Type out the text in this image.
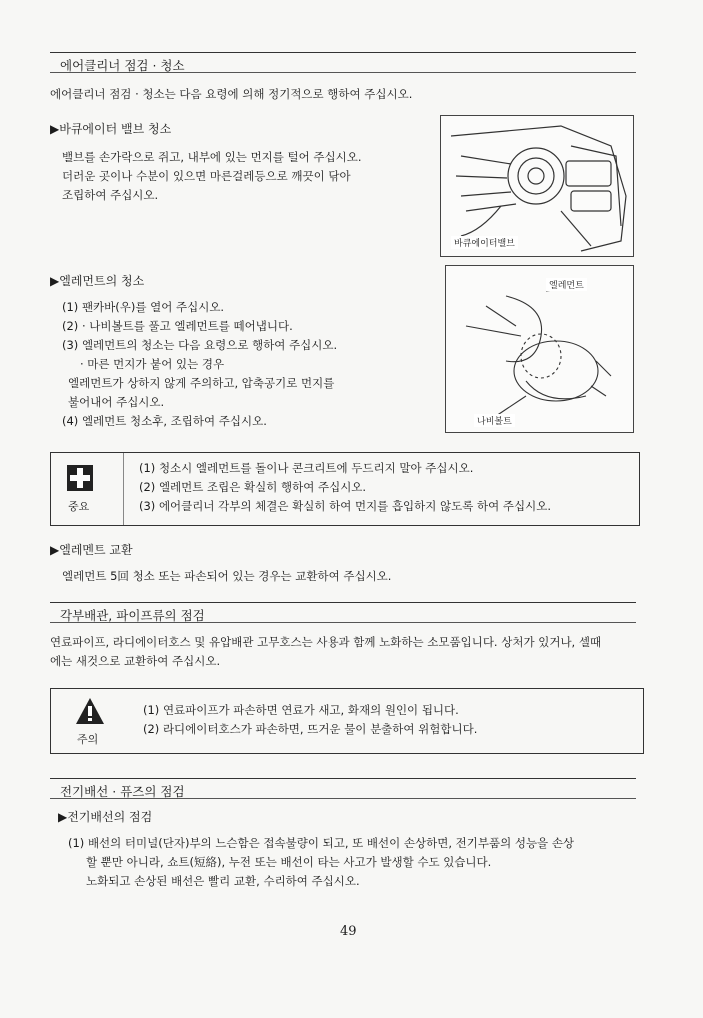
에어클리너 점검 · 청소
에어클리너 점검 · 청소는 다음 요령에 의해 정기적으로 행하여 주십시오.
▶바큐에이터 밸브 청소
밸브를 손가락으로 쥐고, 내부에 있는 먼지를 털어 주십시오.
더러운 곳이나 수분이 있으면 마른걸레등으로 깨끗이 닦아
조립하여 주십시오.
바큐에이터밸브
▶엘레먼트의 청소
(1) 팬카바(우)를 열어 주십시오.
(2) · 나비볼트를 풀고 엘레먼트를 떼어냅니다.
(3) 엘레먼트의 청소는 다음 요령으로 행하여 주십시오.
· 마른 먼지가 붙어 있는 경우
엘레먼트가 상하지 않게 주의하고, 압축공기로 먼지를
불어내어 주십시오.
(4) 엘레먼트 청소후, 조립하여 주십시오.
엘레먼트
나비볼트
중요
(1) 청소시 엘레먼트를 돌이나 콘크리트에 두드리지 말아 주십시오.
(2) 엘레먼트 조립은 확실히 행하여 주십시오.
(3) 에어클리너 각부의 체결은 확실히 하여 먼지를 흡입하지 않도록 하여 주십시오.
▶엘레멘트 교환
엘레먼트 5回 청소 또는 파손되어 있는 경우는 교환하여 주십시오.
각부배관, 파이프류의 점검
연료파이프, 라디에이터호스 및 유압배관 고무호스는 사용과 함께 노화하는 소모품입니다. 상처가 있거나, 셀때
에는 새것으로 교환하여 주십시오.
주의
(1) 연료파이프가 파손하면 연료가 새고, 화재의 원인이 됩니다.
(2) 라디에이터호스가 파손하면, 뜨거운 물이 분출하여 위험합니다.
전기배선 · 퓨즈의 점검
▶전기배선의 점검
(1) 배선의 터미널(단자)부의 느슨함은 접속불량이 되고, 또 배선이 손상하면, 전기부품의 성능을 손상
할 뿐만 아니라, 쇼트(短絡), 누전 또는 배선이 타는 사고가 발생할 수도 있습니다.
노화되고 손상된 배선은 빨리 교환, 수리하여 주십시오.
49
